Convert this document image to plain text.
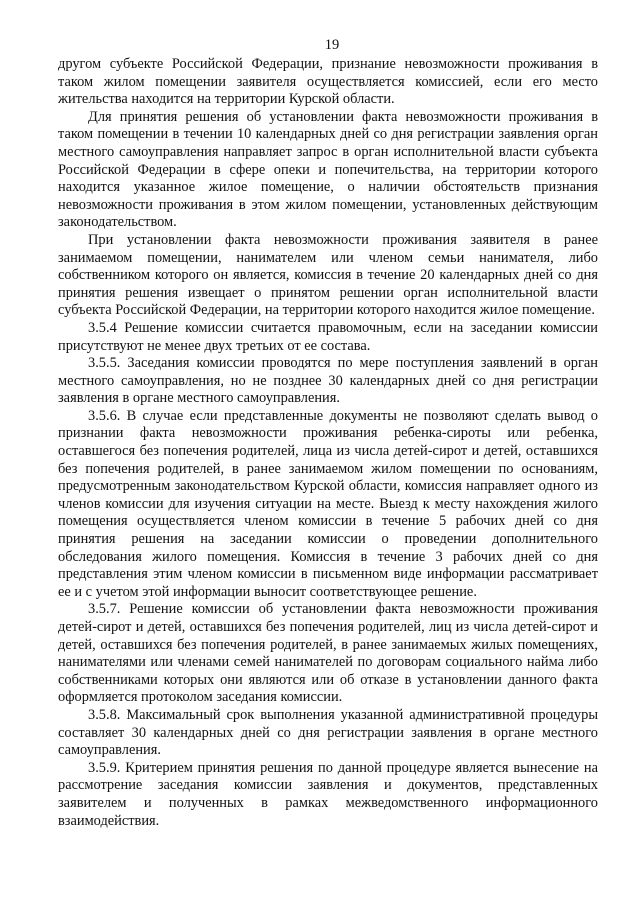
19

другом субъекте Российской Федерации, признание невозможности проживания в таком жилом помещении заявителя осуществляется комиссией, если его место жительства находится на территории Курской области.

Для принятия решения об установлении факта невозможности проживания в таком помещении в течении 10 календарных дней со дня регистрации заявления орган местного самоуправления направляет запрос в орган исполнительной власти субъекта Российской Федерации в сфере опеки и попечительства, на территории которого находится указанное жилое помещение, о наличии обстоятельств признания невозможности проживания в этом жилом помещении, установленных действующим законодательством.

При установлении факта невозможности проживания заявителя в ранее занимаемом помещении, нанимателем или членом семьи нанимателя, либо собственником которого он является, комиссия в течение 20 календарных дней со дня принятия решения извещает о принятом решении орган исполнительной власти субъекта Российской Федерации, на территории которого находится жилое помещение.

3.5.4 Решение комиссии считается правомочным, если на заседании комиссии присутствуют не менее двух третьих от ее состава.

3.5.5. Заседания комиссии проводятся по мере поступления заявлений в орган местного самоуправления, но не позднее 30 календарных дней со дня регистрации заявления в органе местного самоуправления.

3.5.6. В случае если представленные документы не позволяют сделать вывод о признании факта невозможности проживания ребенка-сироты или ребенка, оставшегося без попечения родителей, лица из числа детей-сирот и детей, оставшихся без попечения родителей, в ранее занимаемом жилом помещении по основаниям, предусмотренным законодательством Курской области, комиссия направляет одного из членов комиссии для изучения ситуации на месте. Выезд к месту нахождения жилого помещения осуществляется членом комиссии в течение 5 рабочих дней со дня принятия решения на заседании комиссии о проведении дополнительного обследования жилого помещения. Комиссия в течение 3 рабочих дней со дня представления этим членом комиссии в письменном виде информации рассматривает ее и с учетом этой информации выносит соответствующее решение.

3.5.7. Решение комиссии об установлении факта невозможности проживания детей-сирот и детей, оставшихся без попечения родителей, лиц из числа детей-сирот и детей, оставшихся без попечения родителей, в ранее занимаемых жилых помещениях, нанимателями или членами семей нанимателей по договорам социального найма либо собственниками которых они являются или об отказе в установлении данного факта оформляется протоколом заседания комиссии.

3.5.8. Максимальный срок выполнения указанной административной процедуры составляет 30 календарных дней со дня регистрации заявления в органе местного самоуправления.

3.5.9. Критерием принятия решения по данной процедуре является вынесение на рассмотрение заседания комиссии заявления и документов, представленных заявителем и полученных в рамках межведомственного информационного взаимодействия.
